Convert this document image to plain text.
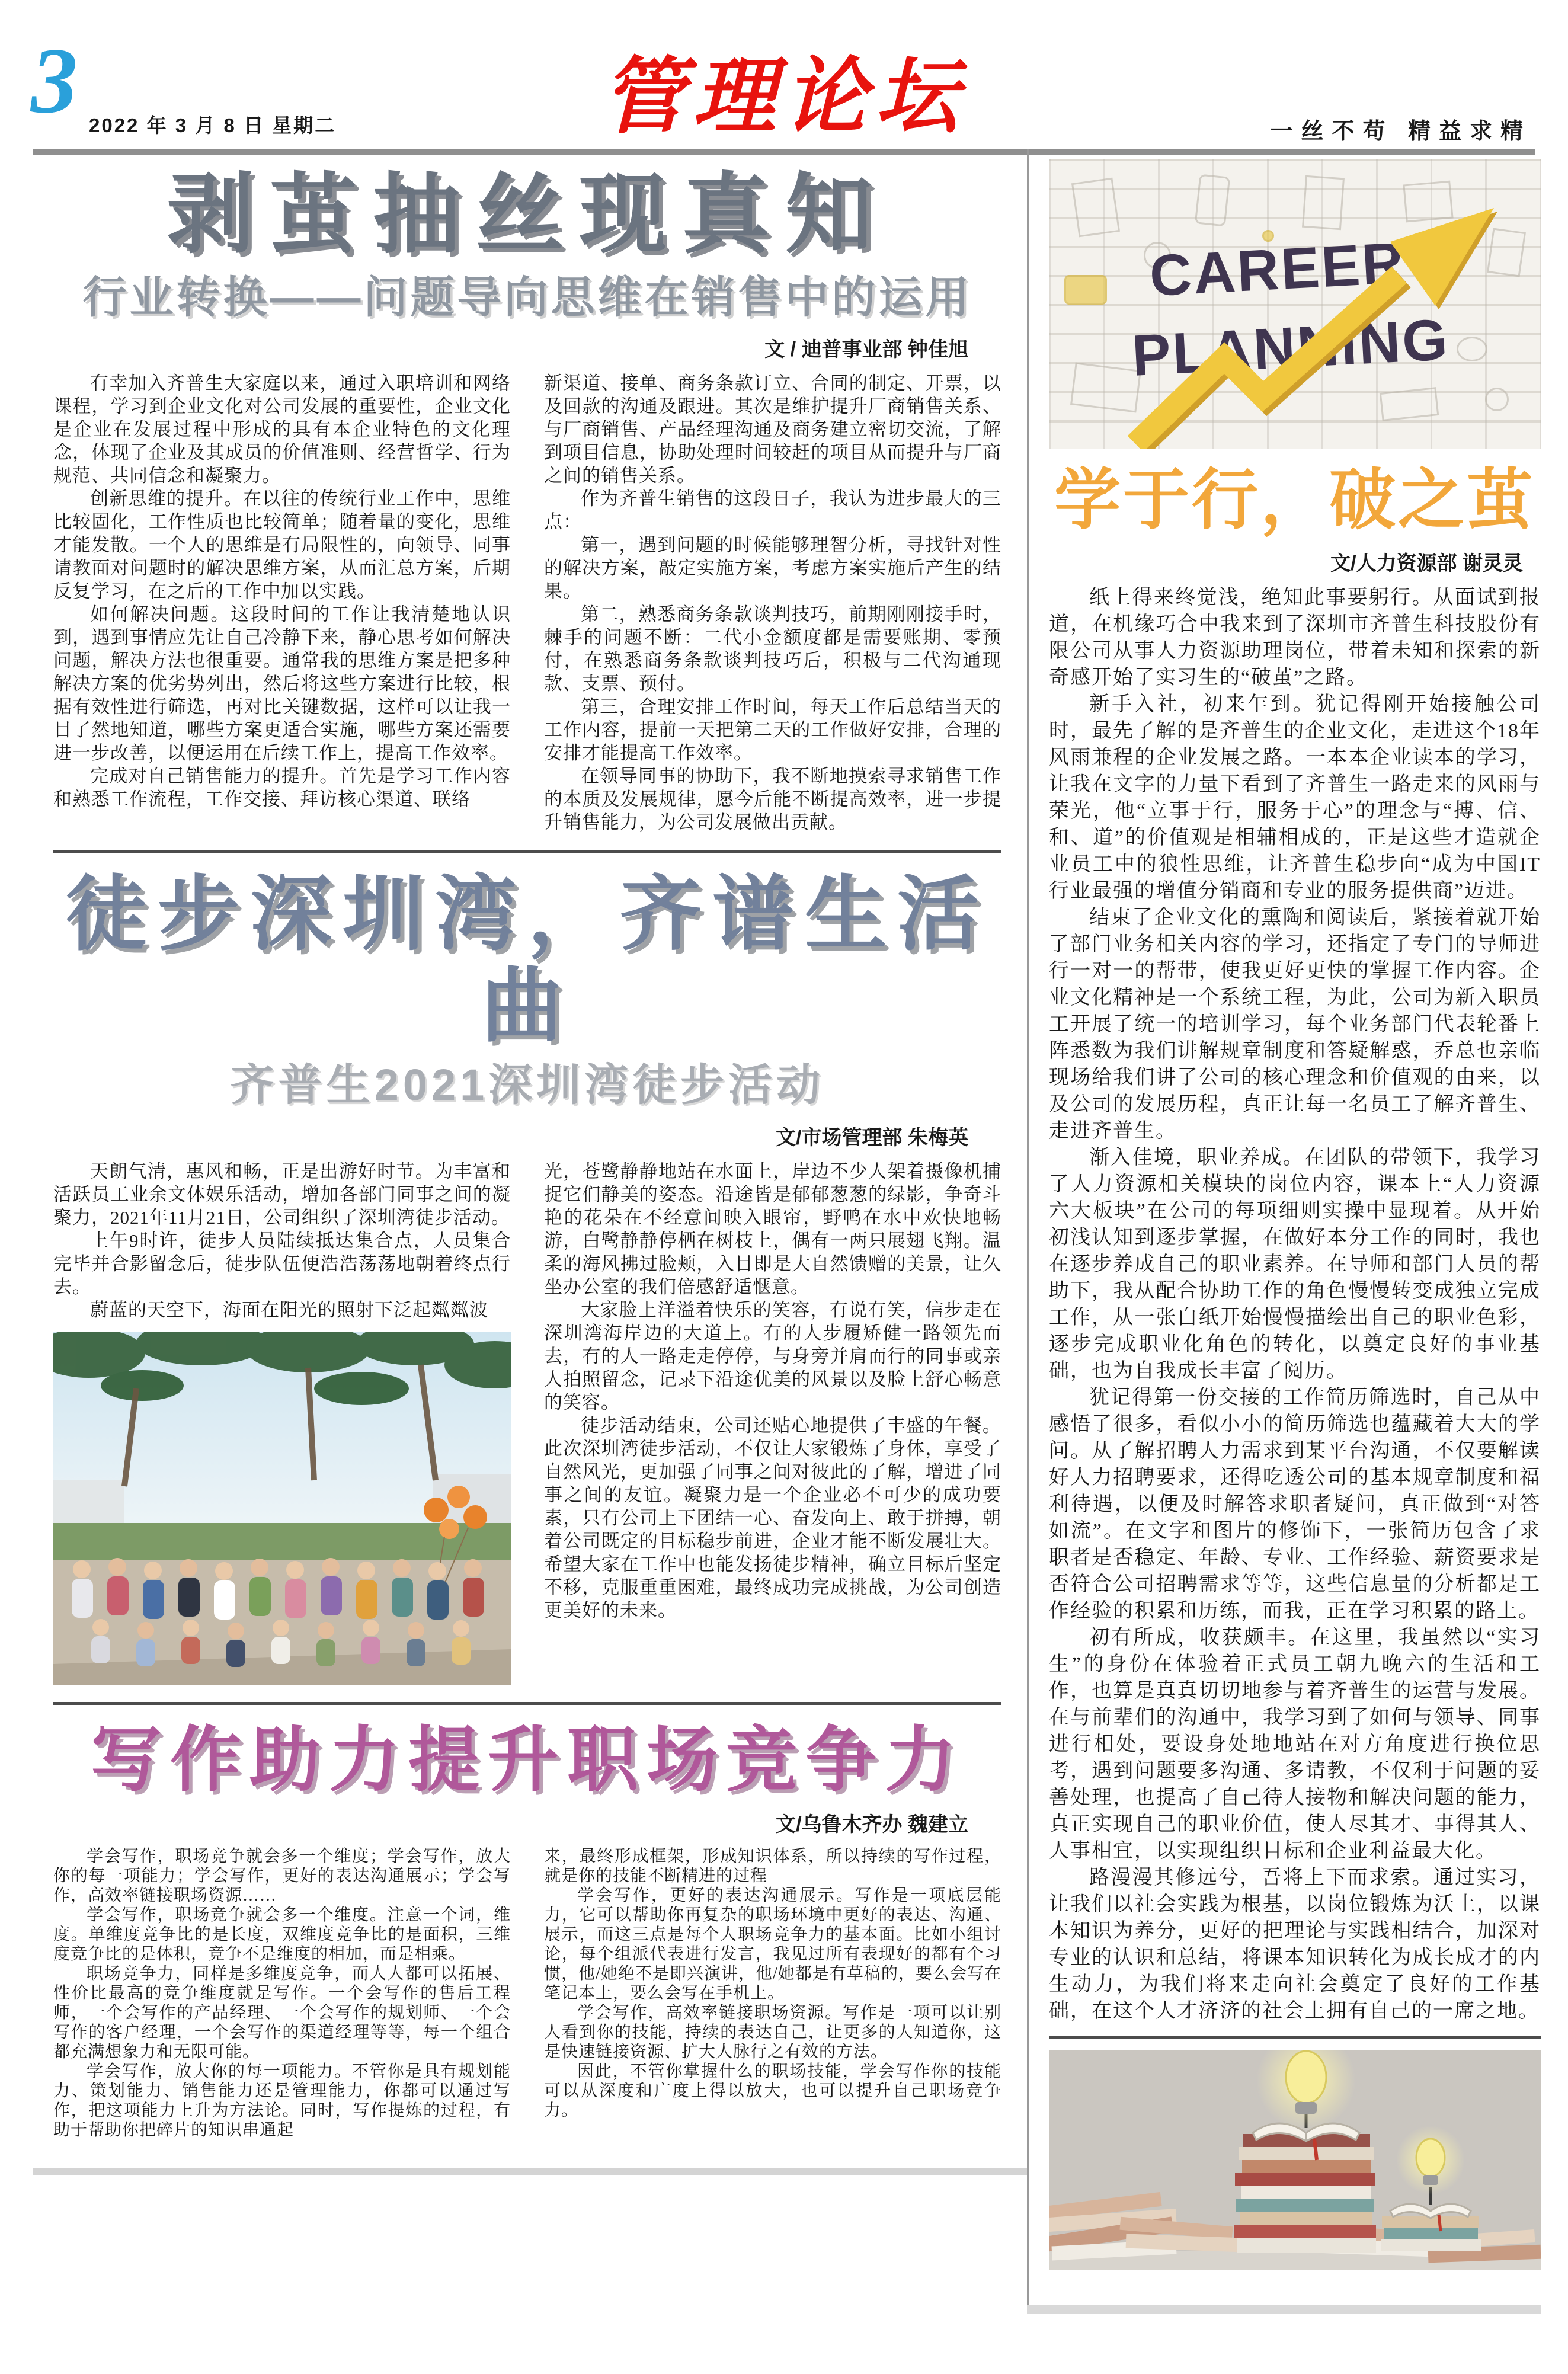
3 2022 年 3 月 8 日 星期二	管理论坛	一丝不苟 精益求精
剥茧抽丝现真知
行业转换——问题导向思维在销售中的运用
文 / 迪普事业部 钟佳旭

有幸加入齐普生大家庭以来，通过入职培训和网络课程，学习到企业文化对公司发展的重要性，企业文化是企业在发展过程中形成的具有本企业特色的文化理念，体现了企业及其成员的价值准则、经营哲学、行为规范、共同信念和凝聚力。

创新思维的提升。在以往的传统行业工作中，思维比较固化，工作性质也比较简单；随着量的变化，思维才能发散。一个人的思维是有局限性的，向领导、同事请教面对问题时的解决思维方案，从而汇总方案，后期反复学习，在之后的工作中加以实践。

如何解决问题。这段时间的工作让我清楚地认识到，遇到事情应先让自己冷静下来，静心思考如何解决问题，解决方法也很重要。通常我的思维方案是把多种解决方案的优劣势列出，然后将这些方案进行比较，根据有效性进行筛选，再对比关键数据，这样可以让我一目了然地知道，哪些方案更适合实施，哪些方案还需要进一步改善，以便运用在后续工作上，提高工作效率。

完成对自己销售能力的提升。首先是学习工作内容和熟悉工作流程，工作交接、拜访核心渠道、联络

新渠道、接单、商务条款订立、合同的制定、开票，以及回款的沟通及跟进。其次是维护提升厂商销售关系、与厂商销售、产品经理沟通及商务建立密切交流，了解到项目信息，协助处理时间较赶的项目从而提升与厂商之间的销售关系。

作为齐普生销售的这段日子，我认为进步最大的三点：

第一，遇到问题的时候能够理智分析，寻找针对性的解决方案，敲定实施方案，考虑方案实施后产生的结果。

第二，熟悉商务条款谈判技巧，前期刚刚接手时，棘手的问题不断：二代小金额度都是需要账期、零预付，在熟悉商务条款谈判技巧后，积极与二代沟通现款、支票、预付。

第三，合理安排工作时间，每天工作后总结当天的工作内容，提前一天把第二天的工作做好安排，合理的安排才能提高工作效率。

在领导同事的协助下，我不断地摸索寻求销售工作的本质及发展规律，愿今后能不断提高效率，进一步提升销售能力，为公司发展做出贡献。

徒步深圳湾，齐谱生活曲
齐普生2021深圳湾徒步活动
文/市场管理部 朱梅英

天朗气清，惠风和畅，正是出游好时节。为丰富和活跃员工业余文体娱乐活动，增加各部门同事之间的凝聚力，2021年11月21日，公司组织了深圳湾徒步活动。

上午9时许，徒步人员陆续抵达集合点，人员集合完毕并合影留念后，徒步队伍便浩浩荡荡地朝着终点行去。

蔚蓝的天空下，海面在阳光的照射下泛起粼粼波

光，苍鹭静静地站在水面上，岸边不少人架着摄像机捕捉它们静美的姿态。沿途皆是郁郁葱葱的绿影，争奇斗艳的花朵在不经意间映入眼帘，野鸭在水中欢快地畅游，白鹭静静停栖在树枝上，偶有一两只展翅飞翔。温柔的海风拂过脸颊，入目即是大自然馈赠的美景，让久坐办公室的我们倍感舒适惬意。

大家脸上洋溢着快乐的笑容，有说有笑，信步走在深圳湾海岸边的大道上。有的人步履矫健一路领先而去，有的人一路走走停停，与身旁并肩而行的同事或亲人拍照留念，记录下沿途优美的风景以及脸上舒心畅意的笑容。

徒步活动结束，公司还贴心地提供了丰盛的午餐。此次深圳湾徒步活动，不仅让大家锻炼了身体，享受了自然风光，更加强了同事之间对彼此的了解，增进了同事之间的友谊。凝聚力是一个企业必不可少的成功要素，只有公司上下团结一心、奋发向上、敢于拼搏，朝着公司既定的目标稳步前进，企业才能不断发展壮大。希望大家在工作中也能发扬徒步精神，确立目标后坚定不移，克服重重困难，最终成功完成挑战，为公司创造更美好的未来。

写作助力提升职场竞争力
文/乌鲁木齐办 魏建立

学会写作，职场竞争就会多一个维度；学会写作，放大你的每一项能力；学会写作，更好的表达沟通展示；学会写作，高效率链接职场资源……

学会写作，职场竞争就会多一个维度。注意一个词，维度。单维度竞争比的是长度，双维度竞争比的是面积，三维度竞争比的是体积，竞争不是维度的相加，而是相乘。

职场竞争力，同样是多维度竞争，而人人都可以拓展、性价比最高的竞争维度就是写作。一个会写作的售后工程师，一个会写作的产品经理、一个会写作的规划师、一个会写作的客户经理，一个会写作的渠道经理等等，每一个组合都充满想象力和无限可能。

学会写作，放大你的每一项能力。不管你是具有规划能力、策划能力、销售能力还是管理能力，你都可以通过写作，把这项能力上升为方法论。同时，写作提炼的过程，有助于帮助你把碎片的知识串通起

来，最终形成框架，形成知识体系，所以持续的写作过程，就是你的技能不断精进的过程

学会写作，更好的表达沟通展示。写作是一项底层能力，它可以帮助你再复杂的职场环境中更好的表达、沟通、展示，而这三点是每个人职场竞争力的基本面。比如小组讨论，每个组派代表进行发言，我见过所有表现好的都有个习惯，他/她绝不是即兴演讲，他/她都是有草稿的，要么会写在笔记本上，要么会写在手机上。

学会写作，高效率链接职场资源。写作是一项可以让别人看到你的技能，持续的表达自己，让更多的人知道你，这是快速链接资源、扩大人脉行之有效的方法。

因此，不管你掌握什么的职场技能，学会写作你的技能可以从深度和广度上得以放大，也可以提升自己职场竞争力。

CAREER
PLANNING
学于行，破之茧
文/人力资源部 谢灵灵

纸上得来终觉浅，绝知此事要躬行。从面试到报道，在机缘巧合中我来到了深圳市齐普生科技股份有限公司从事人力资源助理岗位，带着未知和探索的新奇感开始了实习生的“破茧”之路。

新手入社，初来乍到。犹记得刚开始接触公司时，最先了解的是齐普生的企业文化，走进这个18年风雨兼程的企业发展之路。一本本企业读本的学习，让我在文字的力量下看到了齐普生一路走来的风雨与荣光，他“立事于行，服务于心”的理念与“搏、信、和、道”的价值观是相辅相成的，正是这些才造就企业员工中的狼性思维，让齐普生稳步向“成为中国IT行业最强的增值分销商和专业的服务提供商”迈进。

结束了企业文化的熏陶和阅读后，紧接着就开始了部门业务相关内容的学习，还指定了专门的导师进行一对一的帮带，使我更好更快的掌握工作内容。企业文化精神是一个系统工程，为此，公司为新入职员工开展了统一的培训学习，每个业务部门代表轮番上阵悉数为我们讲解规章制度和答疑解惑，乔总也亲临现场给我们讲了公司的核心理念和价值观的由来，以及公司的发展历程，真正让每一名员工了解齐普生、走进齐普生。

渐入佳境，职业养成。在团队的带领下，我学习了人力资源相关模块的岗位内容，课本上“人力资源六大板块”在公司的每项细则实操中显现着。从开始初浅认知到逐步掌握，在做好本分工作的同时，我也在逐步养成自己的职业素养。在导师和部门人员的帮助下，我从配合协助工作的角色慢慢转变成独立完成工作，从一张白纸开始慢慢描绘出自己的职业色彩，逐步完成职业化角色的转化，以奠定良好的事业基础，也为自我成长丰富了阅历。

犹记得第一份交接的工作简历筛选时，自己从中感悟了很多，看似小小的简历筛选也蕴藏着大大的学问。从了解招聘人力需求到某平台沟通，不仅要解读好人力招聘要求，还得吃透公司的基本规章制度和福利待遇，以便及时解答求职者疑问，真正做到“对答如流”。在文字和图片的修饰下，一张简历包含了求职者是否稳定、年龄、专业、工作经验、薪资要求是否符合公司招聘需求等等，这些信息量的分析都是工作经验的积累和历练，而我，正在学习积累的路上。

初有所成，收获颇丰。在这里，我虽然以“实习生”的身份在体验着正式员工朝九晚六的生活和工作，也算是真真切切地参与着齐普生的运营与发展。在与前辈们的沟通中，我学习到了如何与领导、同事进行相处，要设身处地地站在对方角度进行换位思考，遇到问题要多沟通、多请教，不仅利于问题的妥善处理，也提高了自己待人接物和解决问题的能力，真正实现自己的职业价值，使人尽其才、事得其人、人事相宜，以实现组织目标和企业利益最大化。

路漫漫其修远兮，吾将上下而求索。通过实习，让我们以社会实践为根基，以岗位锻炼为沃土，以课本知识为养分，更好的把理论与实践相结合，加深对专业的认识和总结，将课本知识转化为成长成才的内生动力，为我们将来走向社会奠定了良好的工作基础，在这个人才济济的社会上拥有自己的一席之地。
